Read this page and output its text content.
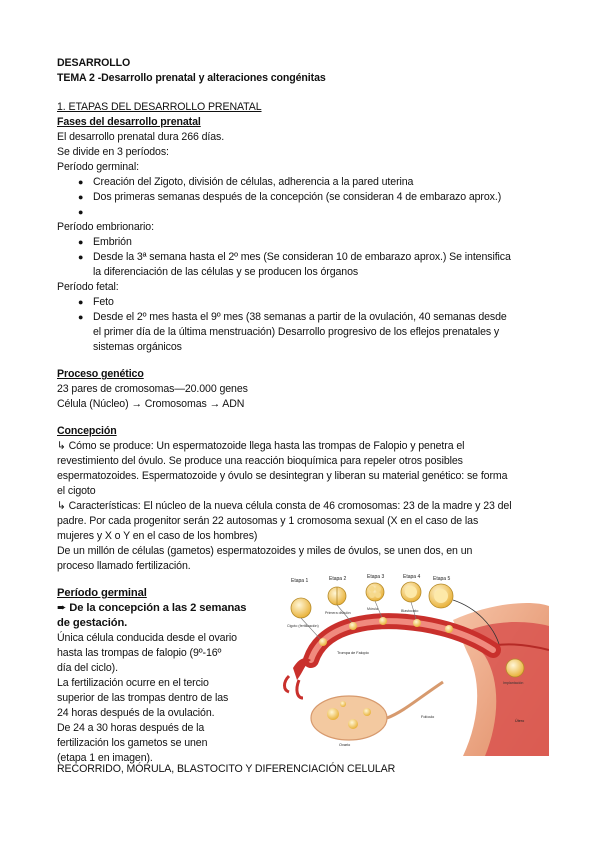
DESARROLLO
TEMA 2 -Desarrollo prenatal y alteraciones congénitas
1. ETAPAS DEL DESARROLLO PRENATAL
Fases del desarrollo prenatal
El desarrollo prenatal dura 266 días.
Se divide en 3 períodos:
Período germinal:
● Creación del Zigoto, división de células, adherencia a la pared uterina
● Dos primeras semanas después de la concepción (se consideran 4 de embarazo aprox.)
●
Período embrionario:
● Embrión
● Desde la 3ª semana hasta el 2º mes (Se consideran 10 de embarazo aprox.) Se intensifica
la diferenciación de las células y se producen los órganos
Período fetal:
● Feto
● Desde el 2º mes hasta el 9º mes (38 semanas a partir de la ovulación, 40 semanas desde
el primer día de la última menstruación) Desarrollo progresivo de los eflejos prenatales y
sistemas orgánicos
Proceso genético
23 pares de cromosomas—20.000 genes
Célula (Núcleo) → Cromosomas → ADN
Concepción
↳ Cómo se produce: Un espermatozoide llega hasta las trompas de Falopio y penetra el
revestimiento del óvulo. Se produce una reacción bioquímica para repeler otros posibles
espermatozoides. Espermatozoide y óvulo se desintegran y liberan su material genético: se forma
el cigoto
↳ Características: El núcleo de la nueva célula consta de 46 cromosomas: 23 de la madre y 23 del
padre. Por cada progenitor serán 22 autosomas y 1 cromosoma sexual (X en el caso de las
mujeres y X o Y en el caso de los hombres)
De un millón de células (gametos) espermatozoides y miles de óvulos, se unen dos, en un
proceso llamado fertilización.
Período germinal
➨ De la concepción a las 2 semanas
de gestación.
Única célula conducida desde el ovario
hasta las trompas de falopio (9º-16º
día del ciclo).
La fertilización ocurre en el tercio
superior de las trompas dentro de las
24 horas después de la ovulación.
De 24 a 30 horas después de la
fertilización los gametos se unen
(etapa 1 en imagen).
RECORRIDO, MÓRULA, BLASTOCITO Y DIFERENCIACIÓN CELULAR
Etapa 1	Etapa 2	Etapa 3	Etapa 4	Etapa 5
Cigoto (fertilización)
Primera división
Mórula	Blastocisto
Implantación
Trompa de Falopio
Útero
Ovario
Folículo
